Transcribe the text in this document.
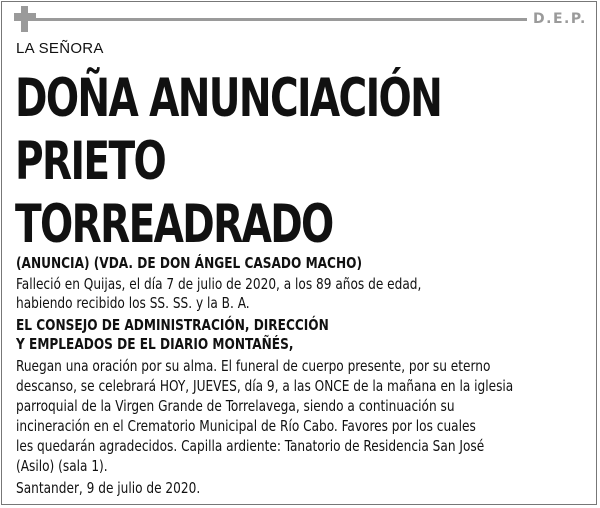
D.E.P.
LA SEÑORA
DOÑA ANUNCIACIÓN
PRIETO
TORREADRADO
(ANUNCIA) (VDA. DE DON ÁNGEL CASADO MACHO)
Falleció en Quijas, el día 7 de julio de 2020, a los 89 años de edad,
habiendo recibido los SS. SS. y la B. A.
EL CONSEJO DE ADMINISTRACIÓN, DIRECCIÓN
Y EMPLEADOS DE EL DIARIO MONTAÑÉS,
Ruegan una oración por su alma. El funeral de cuerpo presente, por su eterno
descanso, se celebrará HOY, JUEVES, día 9, a las ONCE de la mañana en la iglesia
parroquial de la Virgen Grande de Torrelavega, siendo a continuación su
incineración en el Crematorio Municipal de Río Cabo. Favores por los cuales
les quedarán agradecidos. Capilla ardiente: Tanatorio de Residencia San José
(Asilo) (sala 1).
Santander, 9 de julio de 2020.
